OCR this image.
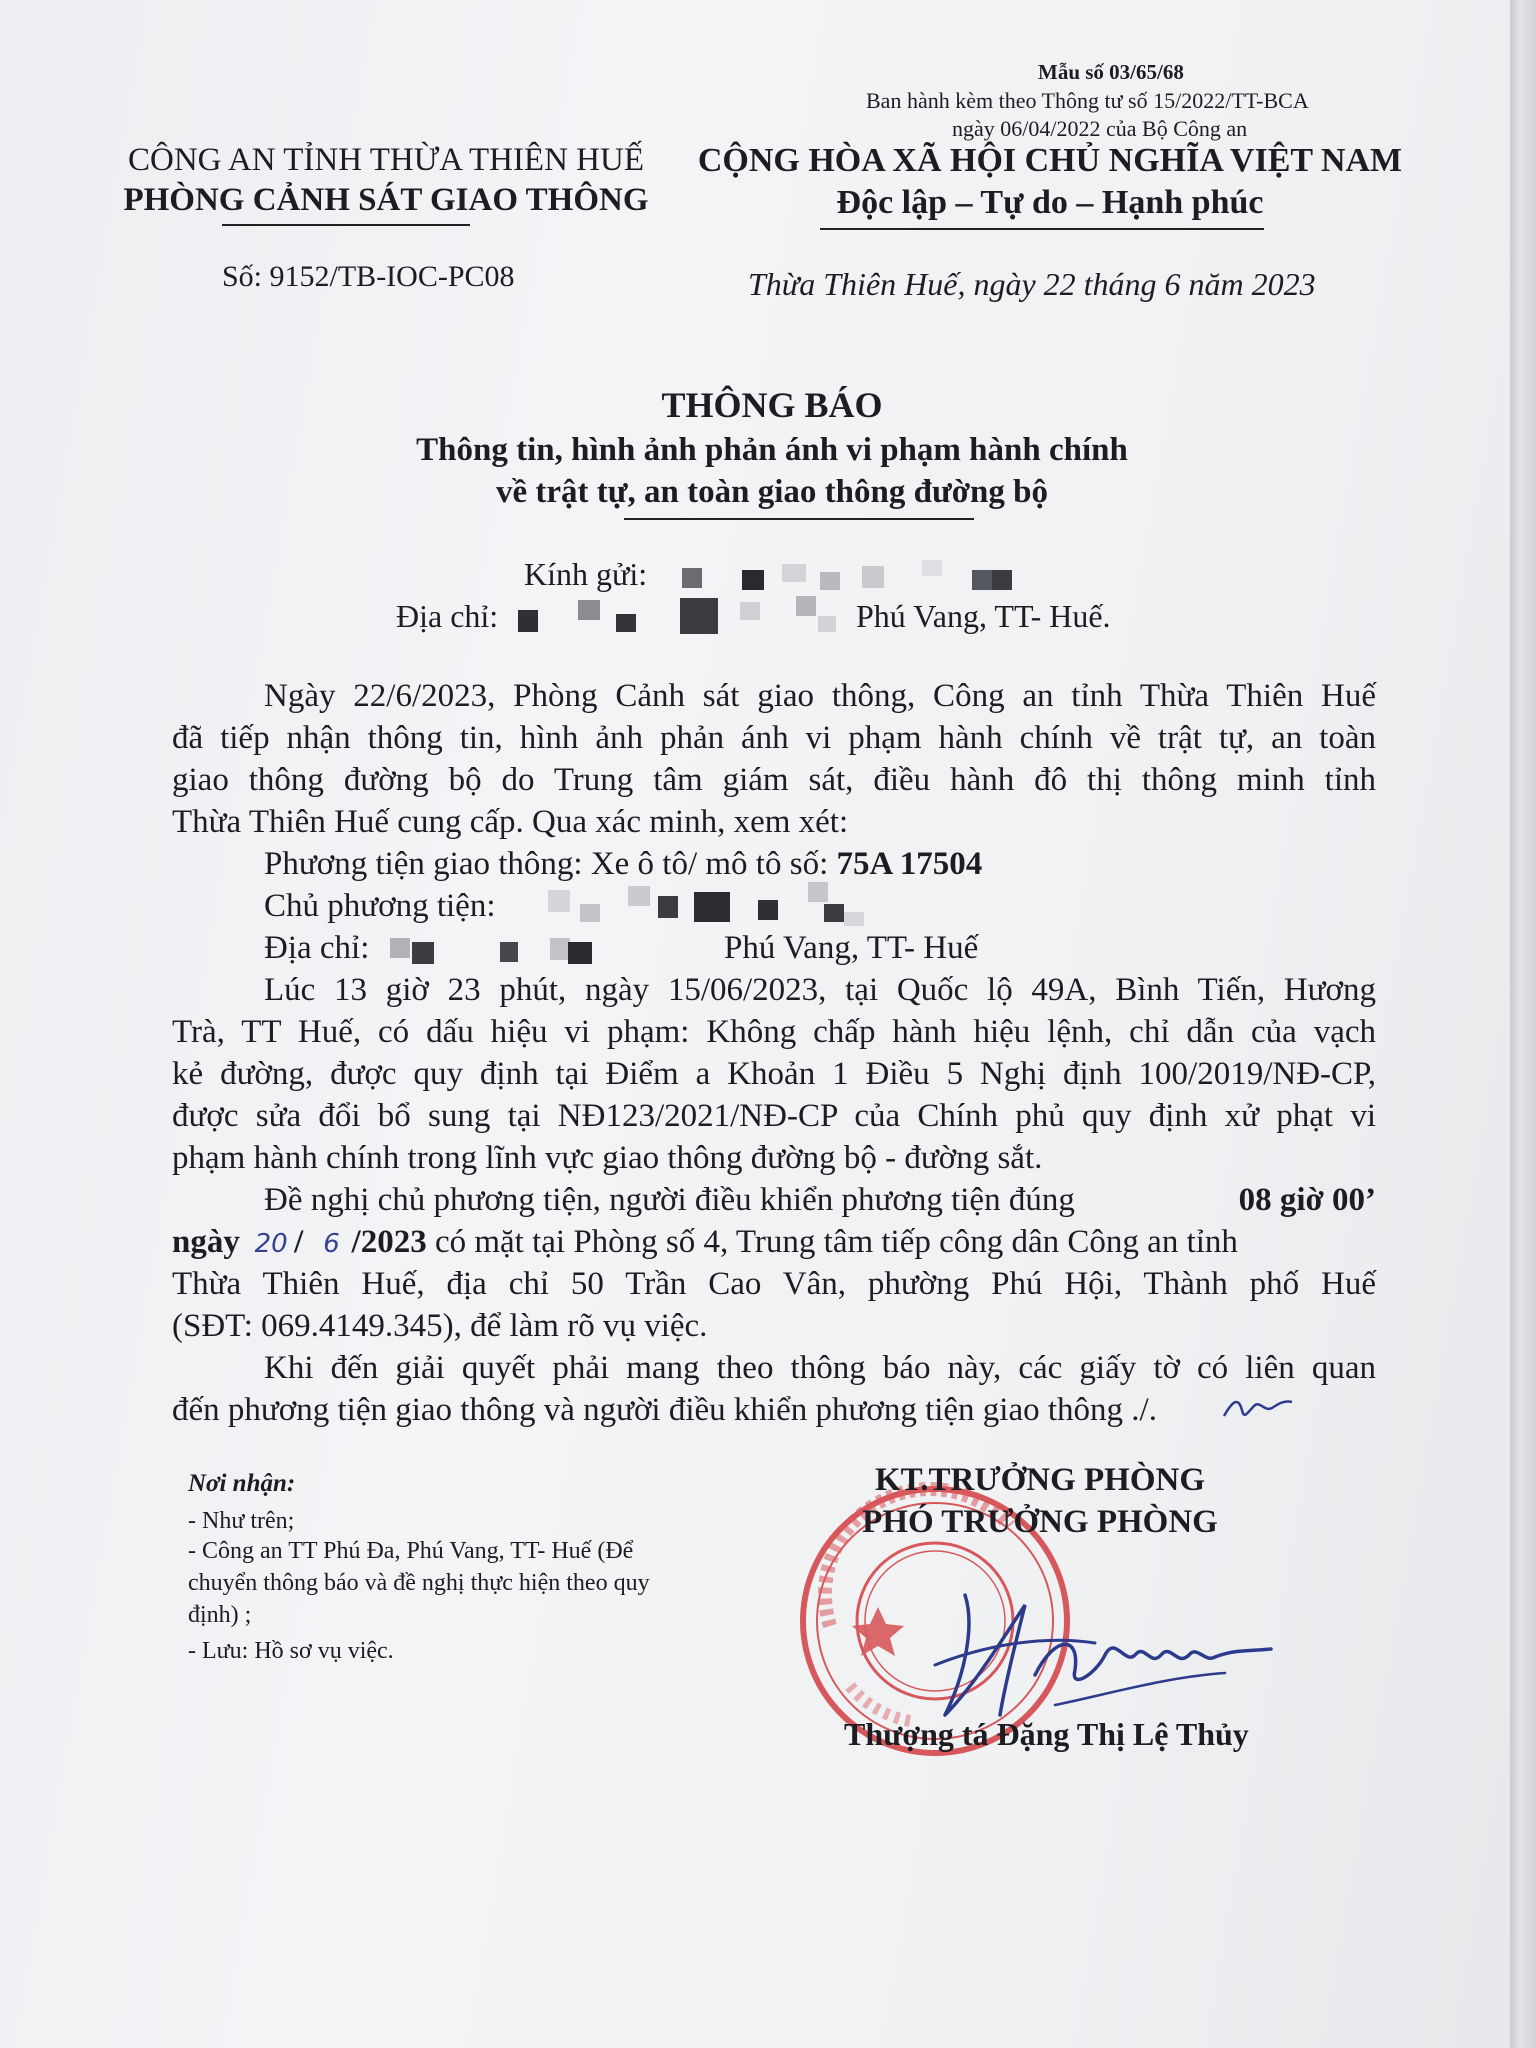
Mẫu số 03/65/68
Ban hành kèm theo Thông tư số 15/2022/TT-BCA
ngày 06/04/2022 của Bộ Công an
CÔNG AN TỈNH THỪA THIÊN HUẾ
PHÒNG CẢNH SÁT GIAO THÔNG
CỘNG HÒA XÃ HỘI CHỦ NGHĨA VIỆT NAM
Độc lập – Tự do – Hạnh phúc
Số: 9152/TB-IOC-PC08	Thừa Thiên Huế, ngày 22 tháng 6 năm 2023
THÔNG BÁO
Thông tin, hình ảnh phản ánh vi phạm hành chính
về trật tự, an toàn giao thông đường bộ
Kính gửi:
Địa chỉ:	Phú Vang, TT- Huế.
Ngày 22/6/2023, Phòng Cảnh sát giao thông, Công an tỉnh Thừa Thiên Huế
đã tiếp nhận thông tin, hình ảnh phản ánh vi phạm hành chính về trật tự, an toàn
giao thông đường bộ do Trung tâm giám sát, điều hành đô thị thông minh tỉnh
Thừa Thiên Huế cung cấp. Qua xác minh, xem xét:
Phương tiện giao thông: Xe ô tô/ mô tô số: 75A 17504
Chủ phương tiện:
Địa chỉ:	Phú Vang, TT- Huế
Lúc 13 giờ 23 phút, ngày 15/06/2023, tại Quốc lộ 49A, Bình Tiến, Hương
Trà, TT Huế, có dấu hiệu vi phạm: Không chấp hành hiệu lệnh, chỉ dẫn của vạch
kẻ đường, được quy định tại Điểm a Khoản 1 Điều 5 Nghị định 100/2019/NĐ-CP,
được sửa đổi bổ sung tại NĐ123/2021/NĐ-CP của Chính phủ quy định xử phạt vi
phạm hành chính trong lĩnh vực giao thông đường bộ - đường sắt.
Đề nghị chủ phương tiện, người điều khiển phương tiện đúng	08 giờ 00’
ngày 20 / 6 /2023 có mặt tại Phòng số 4, Trung tâm tiếp công dân Công an tỉnh
Thừa Thiên Huế, địa chỉ 50 Trần Cao Vân, phường Phú Hội, Thành phố Huế
(SĐT: 069.4149.345), để làm rõ vụ việc.
Khi đến giải quyết phải mang theo thông báo này, các giấy tờ có liên quan
đến phương tiện giao thông và người điều khiển phương tiện giao thông ./.
Nơi nhận:
- Như trên;
- Công an TT Phú Đa, Phú Vang, TT- Huế (Để
chuyển thông báo và đề nghị thực hiện theo quy
định) ;
- Lưu: Hồ sơ vụ việc.
KT.TRƯỞNG PHÒNG
PHÓ TRƯỞNG PHÒNG
Thượng tá Đặng Thị Lệ Thủy
